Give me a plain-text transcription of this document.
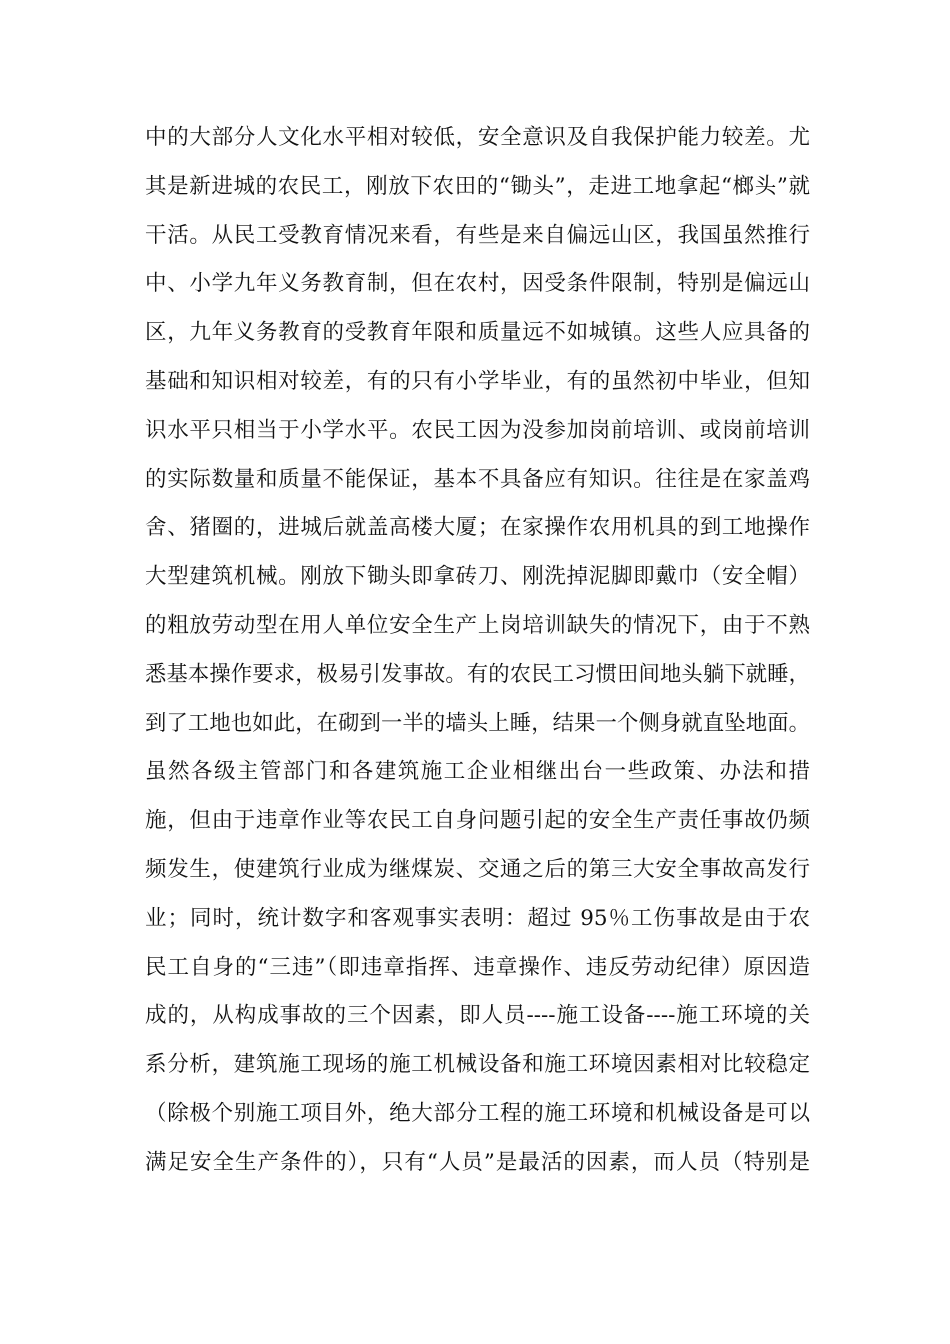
中的大部分人文化水平相对较低，安全意识及自我保护能力较差。尤
其是新进城的农民工，刚放下农田的“锄头”，走进工地拿起“榔头”就
干活。从民工受教育情况来看，有些是来自偏远山区，我国虽然推行
中、小学九年义务教育制，但在农村，因受条件限制，特别是偏远山
区，九年义务教育的受教育年限和质量远不如城镇。这些人应具备的
基础和知识相对较差，有的只有小学毕业，有的虽然初中毕业，但知
识水平只相当于小学水平。农民工因为没参加岗前培训、或岗前培训
的实际数量和质量不能保证，基本不具备应有知识。往往是在家盖鸡
舍、猪圈的，进城后就盖高楼大厦；在家操作农用机具的到工地操作
大型建筑机械。刚放下锄头即拿砖刀、刚洗掉泥脚即戴巾（安全帽）
的粗放劳动型在用人单位安全生产上岗培训缺失的情况下，由于不熟
悉基本操作要求，极易引发事故。有的农民工习惯田间地头躺下就睡，
到了工地也如此，在砌到一半的墙头上睡，结果一个侧身就直坠地面。
虽然各级主管部门和各建筑施工企业相继出台一些政策、办法和措
施，但由于违章作业等农民工自身问题引起的安全生产责任事故仍频
频发生，使建筑行业成为继煤炭、交通之后的第三大安全事故高发行
业；同时，统计数字和客观事实表明：超过 95％工伤事故是由于农
民工自身的“三违”（即违章指挥、违章操作、违反劳动纪律）原因造
成的，从构成事故的三个因素，即人员----施工设备----施工环境的关
系分析，建筑施工现场的施工机械设备和施工环境因素相对比较稳定
（除极个别施工项目外，绝大部分工程的施工环境和机械设备是可以
满足安全生产条件的），只有“人员”是最活的因素，而人员（特别是
